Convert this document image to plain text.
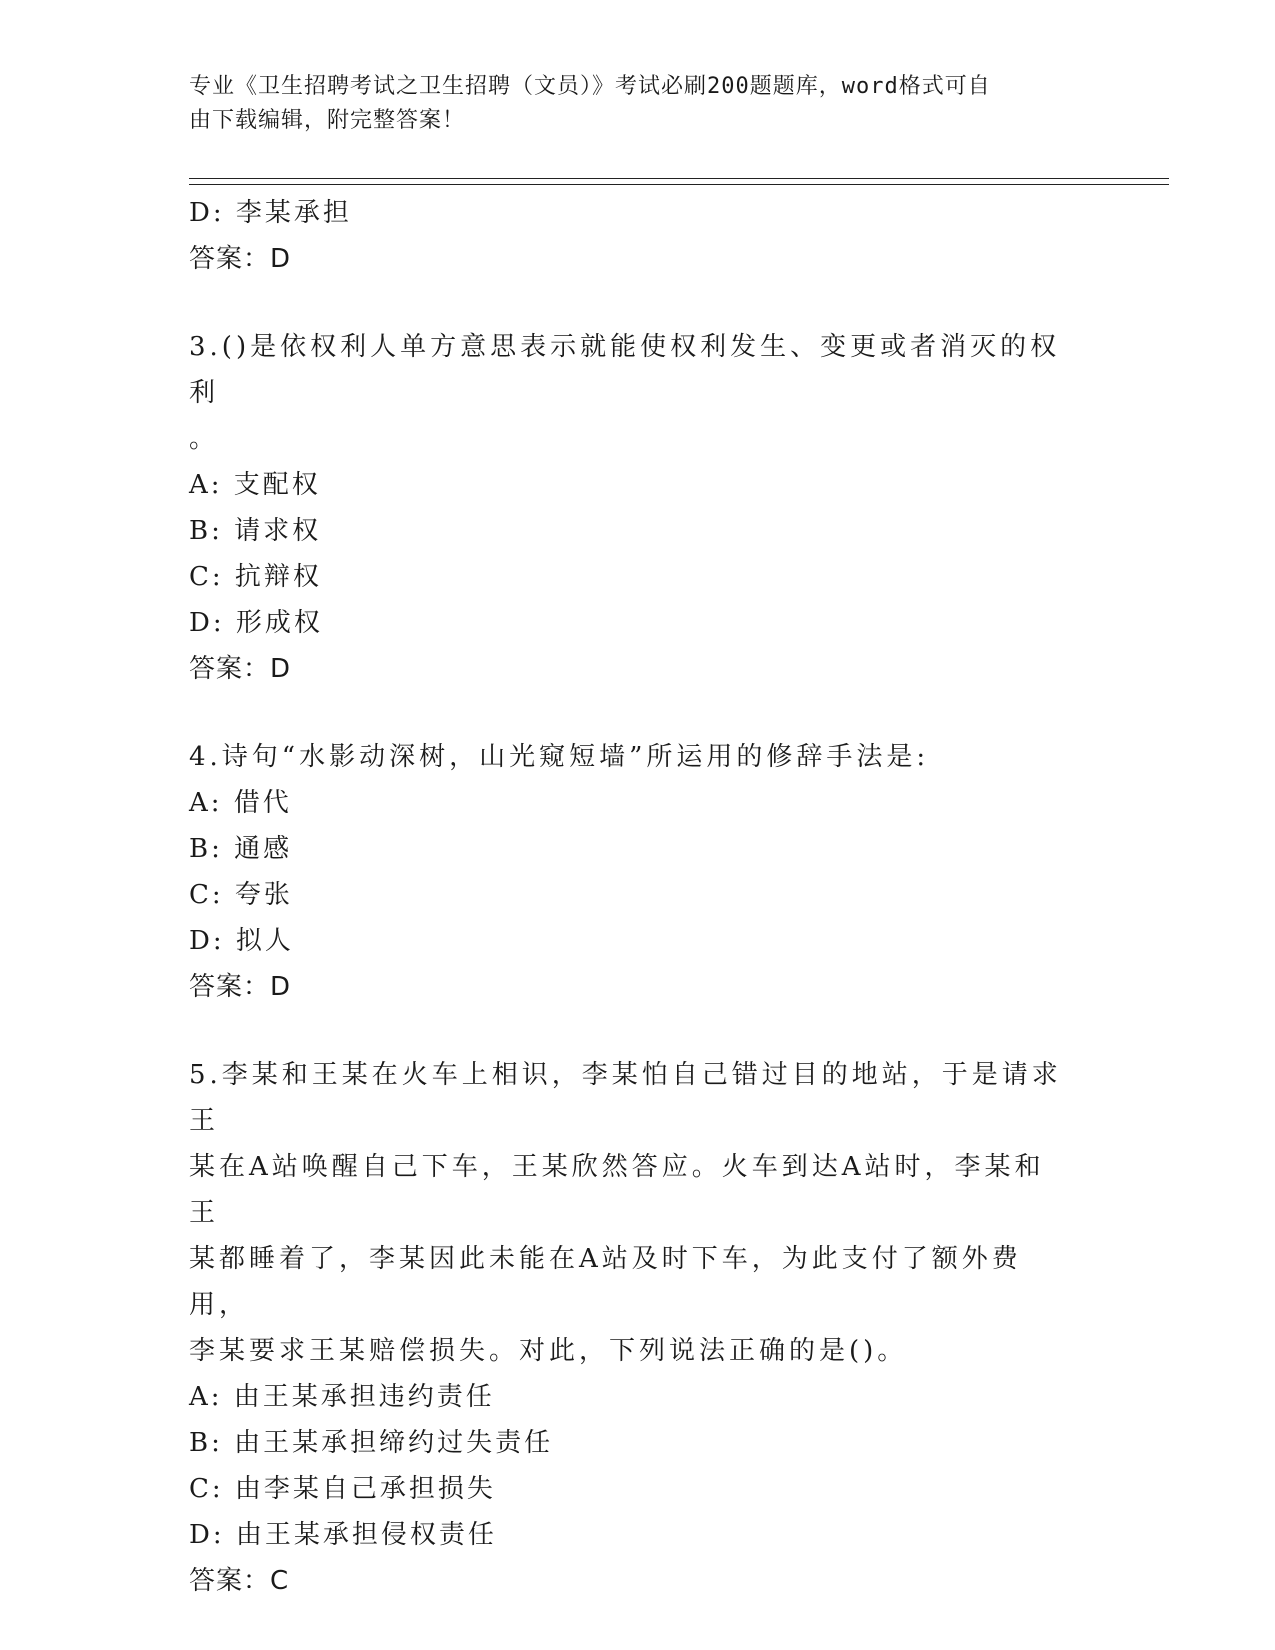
专业《卫生招聘考试之卫生招聘（文员）》考试必刷200题题库，word格式可自
由下载编辑，附完整答案！
D: 李某承担
答案：D
3.()是依权利人单方意思表示就能使权利发生、变更或者消灭的权利
。
A: 支配权
B: 请求权
C: 抗辩权
D: 形成权
答案：D
4.诗句“水影动深树，山光窥短墙”所运用的修辞手法是:
A: 借代
B: 通感
C: 夸张
D: 拟人
答案：D
5.李某和王某在火车上相识，李某怕自己错过目的地站，于是请求王
某在A站唤醒自己下车，王某欣然答应。火车到达A站时，李某和王
某都睡着了，李某因此未能在A站及时下车，为此支付了额外费用，
李某要求王某赔偿损失。对此，下列说法正确的是()。
A: 由王某承担违约责任
B: 由王某承担缔约过失责任
C: 由李某自己承担损失
D: 由王某承担侵权责任
答案：C
